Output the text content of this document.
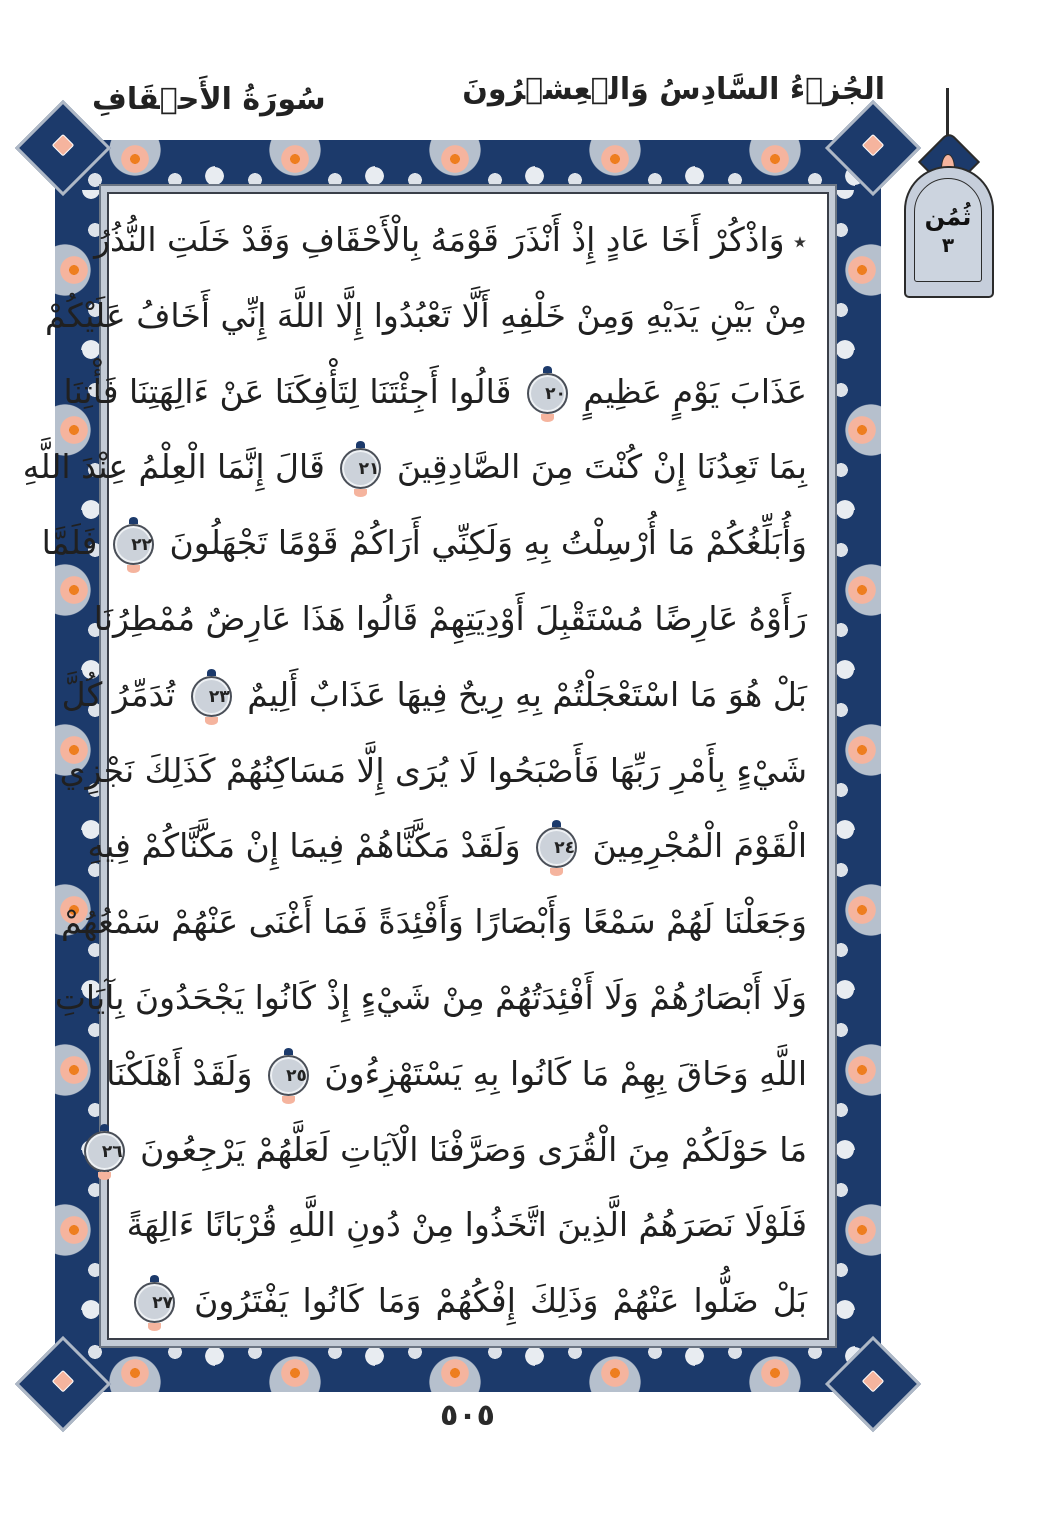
الجُزۡءُ السَّادِسُ وَالۡعِشۡرُونَ
سُورَةُ الأَحۡقَافِ
ثُمُن
٣
٭ وَاذْكُرْ أَخَا عَادٍ إِذْ أَنْذَرَ قَوْمَهُ بِالْأَحْقَافِ وَقَدْ خَلَتِ النُّذُرُ
مِنْ بَيْنِ يَدَيْهِ وَمِنْ خَلْفِهِ أَلَّا تَعْبُدُوا إِلَّا اللَّهَ إِنِّي أَخَافُ عَلَيْكُمْ
عَذَابَ يَوْمٍ عَظِيمٍ ٢٠ قَالُوا أَجِئْتَنَا لِتَأْفِكَنَا عَنْ ءَالِهَتِنَا فَأْتِنَا
بِمَا تَعِدُنَا إِنْ كُنْتَ مِنَ الصَّادِقِينَ ٢١ قَالَ إِنَّمَا الْعِلْمُ عِنْدَ اللَّهِ
وَأُبَلِّغُكُمْ مَا أُرْسِلْتُ بِهِ وَلَكِنِّي أَرَاكُمْ قَوْمًا تَجْهَلُونَ ٢٢ فَلَمَّا
رَأَوْهُ عَارِضًا مُسْتَقْبِلَ أَوْدِيَتِهِمْ قَالُوا هَذَا عَارِضٌ مُمْطِرُنَا
بَلْ هُوَ مَا اسْتَعْجَلْتُمْ بِهِ رِيحٌ فِيهَا عَذَابٌ أَلِيمٌ ٢٣ تُدَمِّرُ كُلَّ
شَيْءٍ بِأَمْرِ رَبِّهَا فَأَصْبَحُوا لَا يُرَى إِلَّا مَسَاكِنُهُمْ كَذَلِكَ نَجْزِي
الْقَوْمَ الْمُجْرِمِينَ ٢٤ وَلَقَدْ مَكَّنَّاهُمْ فِيمَا إِنْ مَكَّنَّاكُمْ فِيهِ
وَجَعَلْنَا لَهُمْ سَمْعًا وَأَبْصَارًا وَأَفْئِدَةً فَمَا أَغْنَى عَنْهُمْ سَمْعُهُمْ
وَلَا أَبْصَارُهُمْ وَلَا أَفْئِدَتُهُمْ مِنْ شَيْءٍ إِذْ كَانُوا يَجْحَدُونَ بِآيَاتِ
اللَّهِ وَحَاقَ بِهِمْ مَا كَانُوا بِهِ يَسْتَهْزِءُونَ ٢٥ وَلَقَدْ أَهْلَكْنَا
مَا حَوْلَكُمْ مِنَ الْقُرَى وَصَرَّفْنَا الْآيَاتِ لَعَلَّهُمْ يَرْجِعُونَ ٢٦
فَلَوْلَا نَصَرَهُمُ الَّذِينَ اتَّخَذُوا مِنْ دُونِ اللَّهِ قُرْبَانًا ءَالِهَةً
بَلْ ضَلُّوا عَنْهُمْ وَذَلِكَ إِفْكُهُمْ وَمَا كَانُوا يَفْتَرُونَ ٢٧
٥٠٥
